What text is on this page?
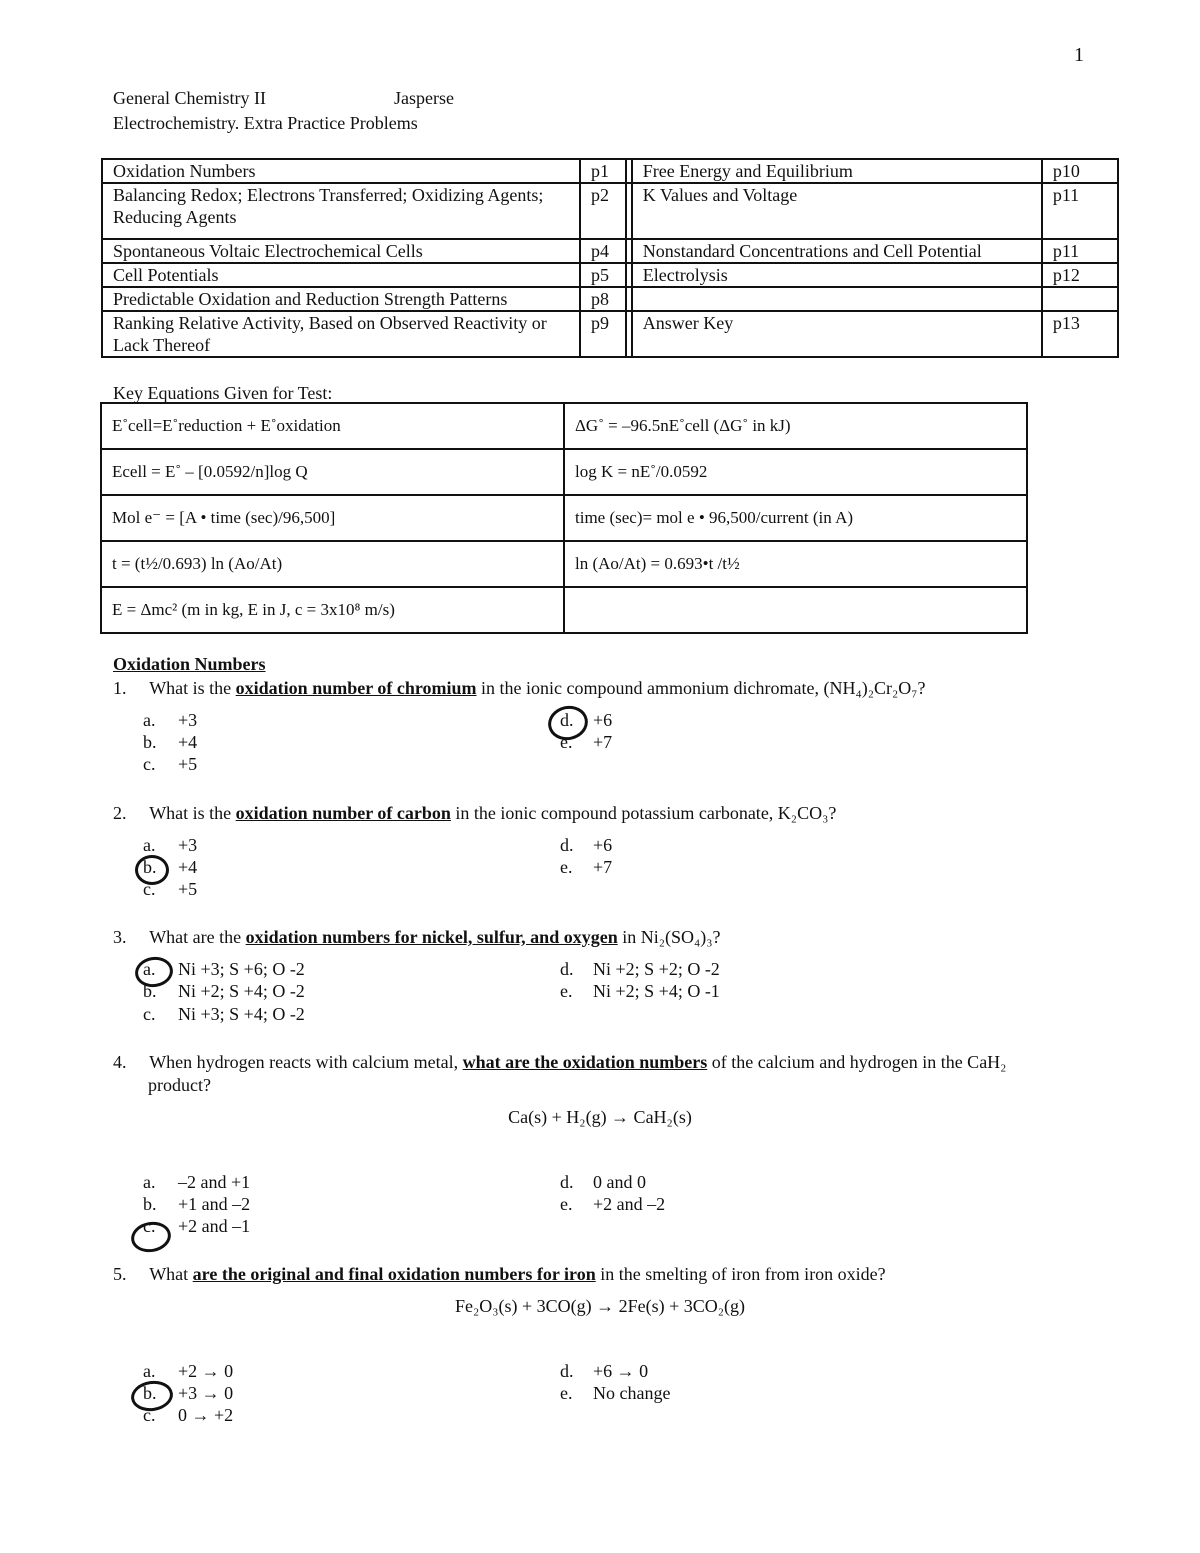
1
General Chemistry II	Jasperse
Electrochemistry. Extra Practice Problems
Oxidation Numbers	p1		Free Energy and Equilibrium	p10
Balancing Redox; Electrons Transferred; Oxidizing Agents; Reducing Agents	p2		K Values and Voltage	p11
Spontaneous Voltaic Electrochemical Cells	p4		Nonstandard Concentrations and Cell Potential	p11
Cell Potentials	p5		Electrolysis	p12
Predictable Oxidation and Reduction Strength Patterns	p8			
Ranking Relative Activity, Based on Observed Reactivity or Lack Thereof	p9		Answer Key	p13
Key Equations Given for Test:
E˚cell=E˚reduction + E˚oxidation	ΔG˚ = –96.5nE˚cell (ΔG˚ in kJ)
Ecell = E˚ – [0.0592/n]log Q	log K = nE˚/0.0592
Mol e⁻ = [A • time (sec)/96,500]	time (sec)= mol e • 96,500/current (in A)
t = (t½/0.693) ln (Ao/At)	ln (Ao/At) = 0.693•t /t½
E = Δmc² (m in kg, E in J, c = 3x10⁸ m/s)	
Oxidation Numbers
1. What is the oxidation number of chromium in the ionic compound ammonium dichromate, (NH₄)₂Cr₂O₇?
a. +3
b. +4
c. +5
d. +6
e. +7
2. What is the oxidation number of carbon in the ionic compound potassium carbonate, K₂CO₃?
a. +3
b. +4
c. +5
d. +6
e. +7
3. What are the oxidation numbers for nickel, sulfur, and oxygen in Ni₂(SO₄)₃?
a. Ni +3; S +6; O -2
b. Ni +2; S +4; O -2
c. Ni +3; S +4; O -2
d. Ni +2; S +2; O -2
e. Ni +2; S +4; O -1
4. When hydrogen reacts with calcium metal, what are the oxidation numbers of the calcium and hydrogen in the CaH₂
product?
Ca(s) + H₂(g) → CaH₂(s)
a. –2 and +1
b. +1 and –2
c. +2 and –1
d. 0 and 0
e. +2 and –2
5. What are the original and final oxidation numbers for iron in the smelting of iron from iron oxide?
Fe₂O₃(s) + 3CO(g) → 2Fe(s) + 3CO₂(g)
a. +2 → 0
b. +3 → 0
c. 0 → +2
d. +6 → 0
e. No change
